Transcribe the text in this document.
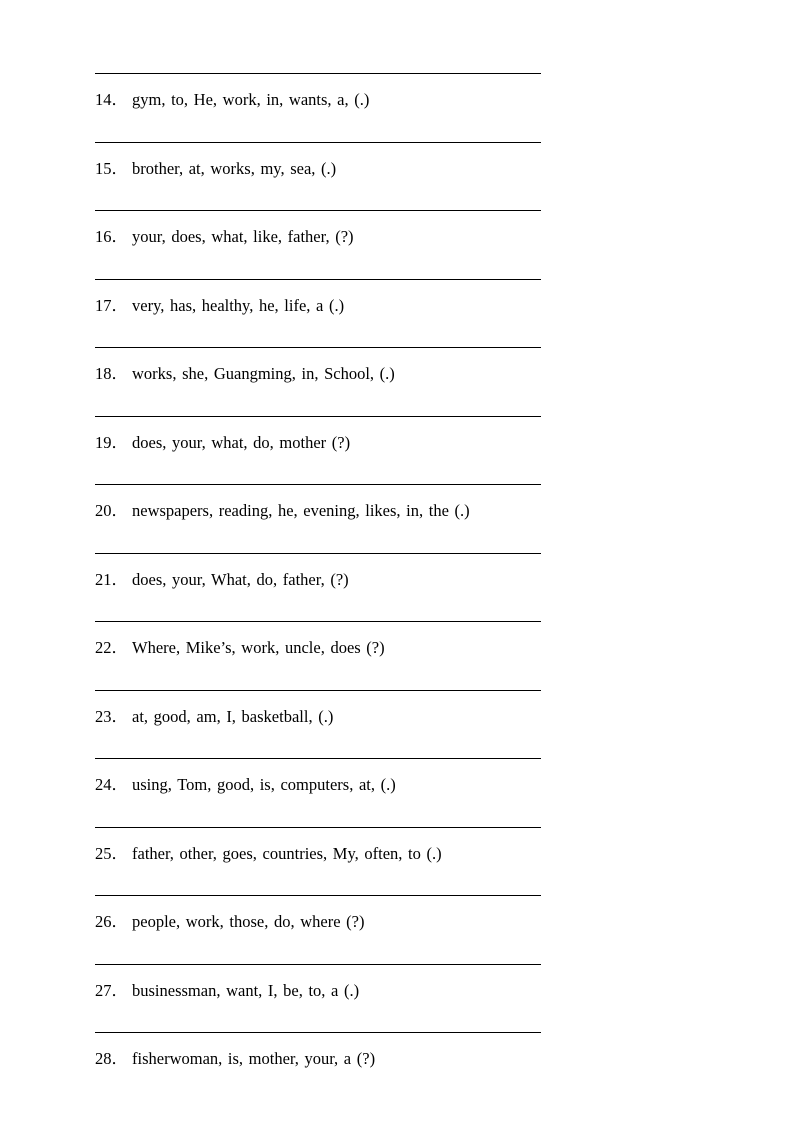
14． gym, to, He, work, in, wants, a, (.)
15． brother, at, works, my, sea, (.)
16． your, does, what, like, father, (?)
17． very, has, healthy, he, life, a (.)
18． works, she, Guangming, in, School, (.)
19． does, your, what, do, mother (?)
20． newspapers, reading, he, evening, likes, in, the (.)
21． does, your, What, do, father, (?)
22． Where, Mike’s, work, uncle, does (?)
23． at, good, am, I, basketball, (.)
24． using, Tom, good, is, computers, at, (.)
25． father, other, goes, countries, My, often, to (.)
26． people, work, those, do, where (?)
27． businessman, want, I, be, to, a (.)
28． fisherwoman, is, mother, your, a (?)
